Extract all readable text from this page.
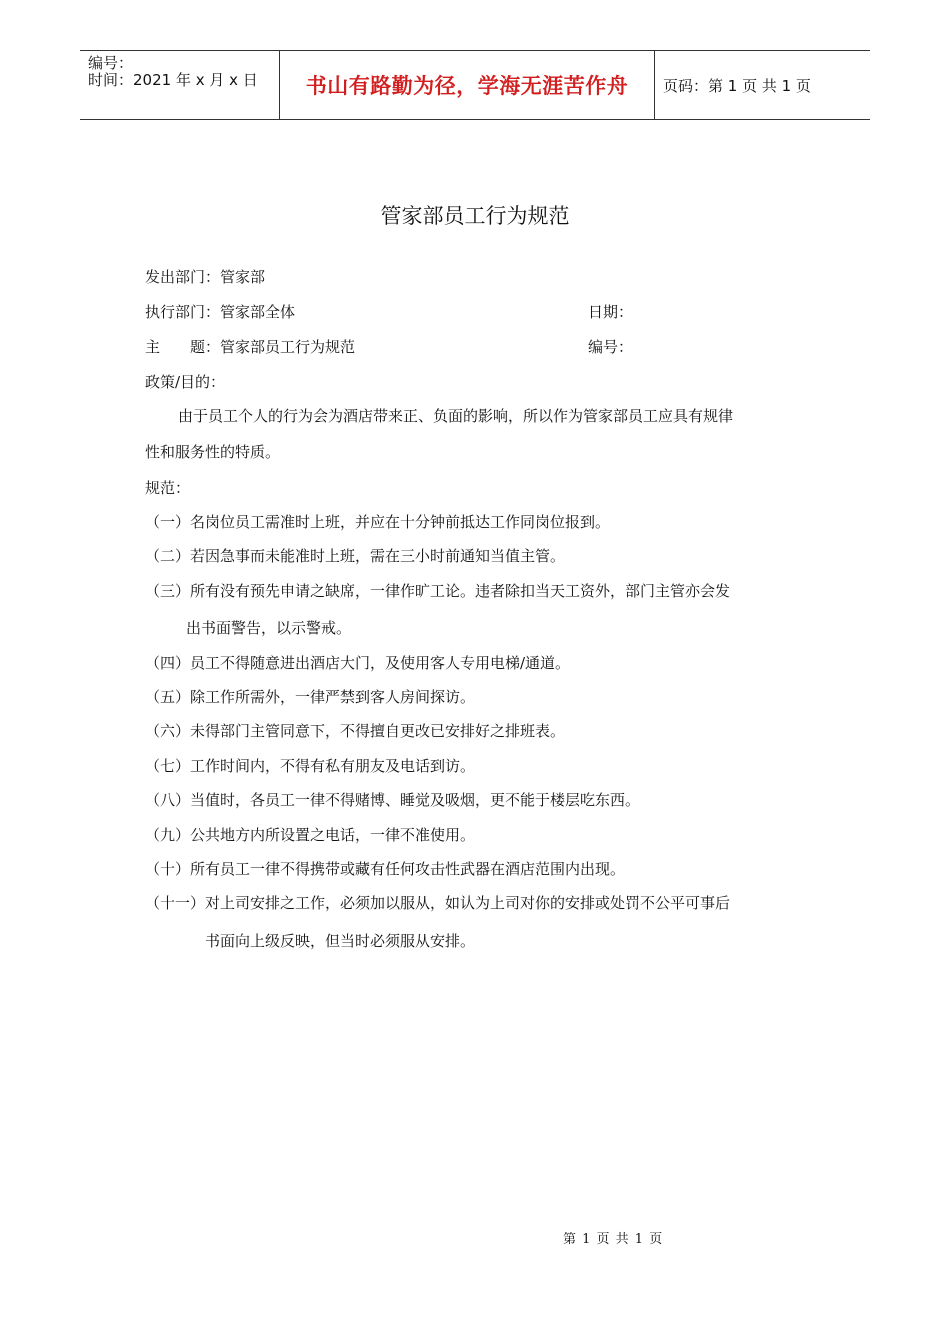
编号：
时间：2021 年 x 月 x 日	书山有路勤为径，学海无涯苦作舟	页码：第 1 页 共 1 页
管家部员工行为规范
发出部门：管家部
执行部门：管家部全体	日期：
主　　题：管家部员工行为规范	编号：
政策/目的：
由于员工个人的行为会为酒店带来正、负面的影响，所以作为管家部员工应具有规律
性和服务性的特质。
规范：
（一）名岗位员工需准时上班，并应在十分钟前抵达工作同岗位报到。
（二）若因急事而未能准时上班，需在三小时前通知当值主管。
（三）所有没有预先申请之缺席，一律作旷工论。违者除扣当天工资外，部门主管亦会发
出书面警告，以示警戒。
（四）员工不得随意进出酒店大门，及使用客人专用电梯/通道。
（五）除工作所需外，一律严禁到客人房间探访。
（六）未得部门主管同意下，不得擅自更改已安排好之排班表。
（七）工作时间内，不得有私有朋友及电话到访。
（八）当值时，各员工一律不得赌博、睡觉及吸烟，更不能于楼层吃东西。
（九）公共地方内所设置之电话，一律不准使用。
（十）所有员工一律不得携带或藏有任何攻击性武器在酒店范围内出现。
（十一）对上司安排之工作，必须加以服从，如认为上司对你的安排或处罚不公平可事后
书面向上级反映，但当时必须服从安排。
第 1 页 共 1 页
